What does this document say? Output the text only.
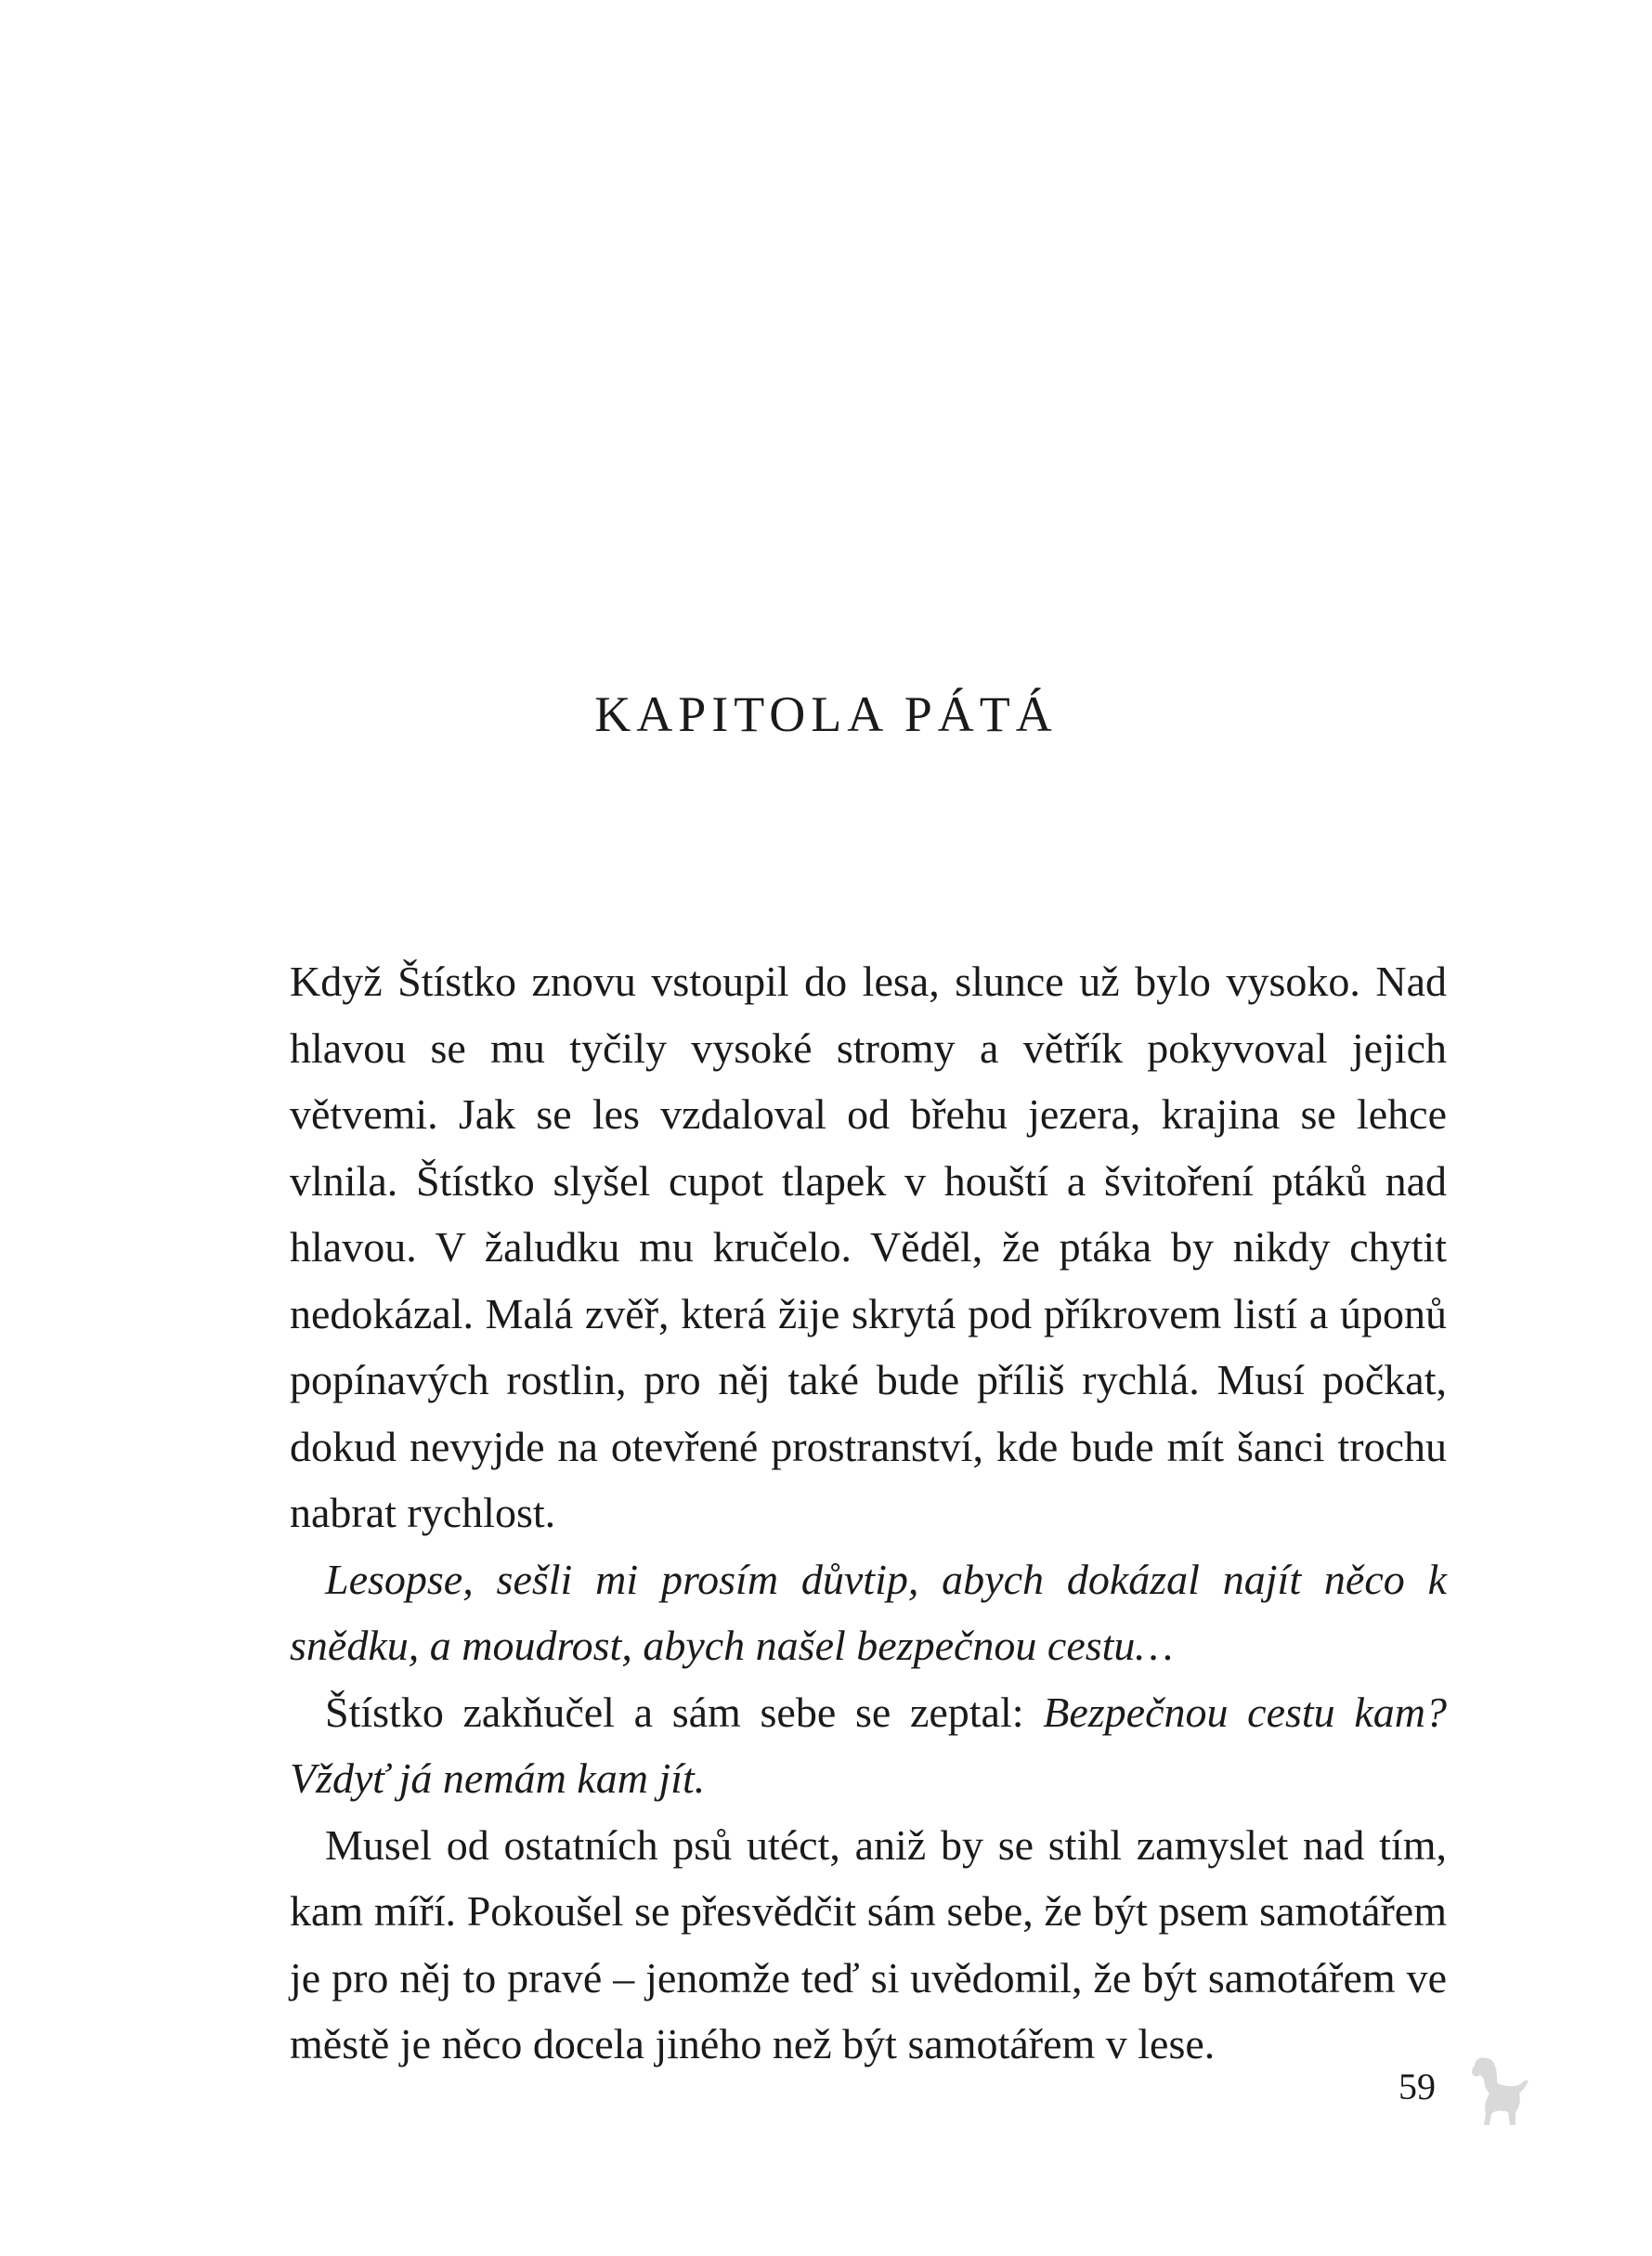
KAPITOLA PÁTÁ

Když Štístko znovu vstoupil do lesa, slunce už bylo vysoko. Nad hlavou se mu tyčily vysoké stromy a větřík pokyvoval jejich větvemi. Jak se les vzdaloval od břehu jezera, krajina se lehce vlnila. Štístko slyšel cupot tlapek v houští a švitoření ptáků nad hlavou. V žaludku mu kručelo. Věděl, že ptáka by nikdy chytit nedokázal. Malá zvěř, která žije skrytá pod příkrovem listí a úponů popínavých rostlin, pro něj také bude příliš rychlá. Musí počkat, dokud nevyjde na otevřené prostranství, kde bude mít šanci trochu nabrat rychlost.

Lesopse, sešli mi prosím důvtip, abych dokázal najít něco k snědku, a moudrost, abych našel bezpečnou cestu…

Štístko zakňučel a sám sebe se zeptal: Bezpečnou cestu kam? Vždyť já nemám kam jít.

Musel od ostatních psů utéct, aniž by se stihl zamyslet nad tím, kam míří. Pokoušel se přesvědčit sám sebe, že být psem samotářem je pro něj to pravé – jenomže teď si uvědomil, že být samotářem ve městě je něco docela jiného než být samotářem v lese.

59
